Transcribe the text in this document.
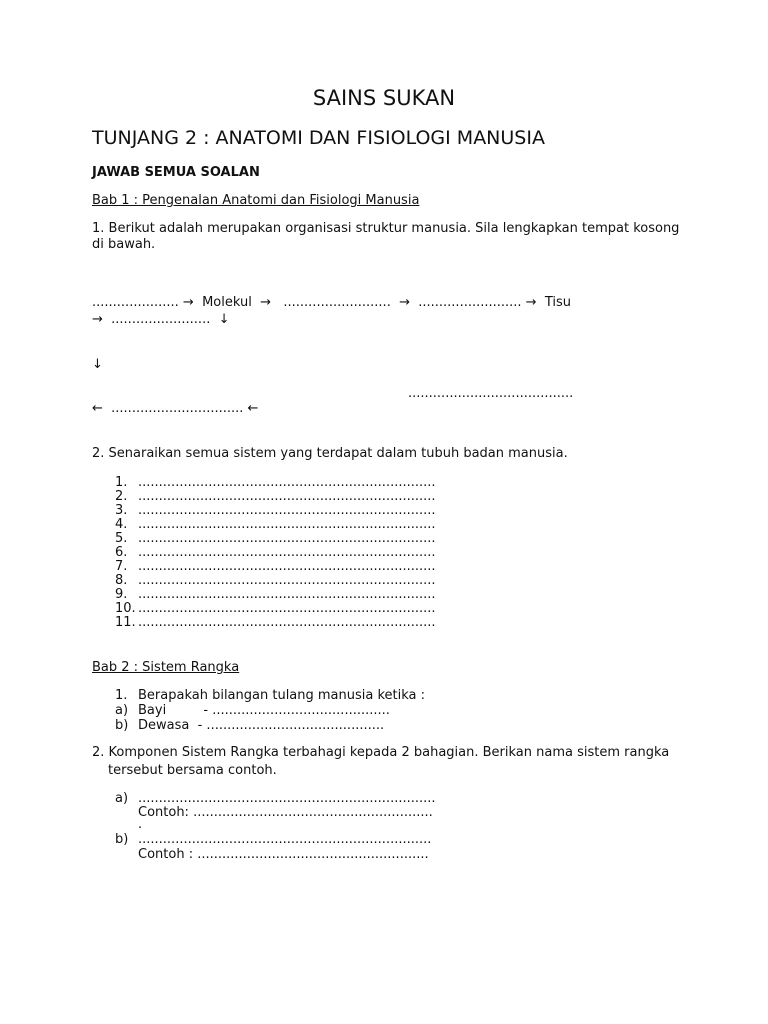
SAINS SUKAN
TUNJANG 2 : ANATOMI DAN FISIOLOGI MANUSIA
JAWAB SEMUA SOALAN
Bab 1 : Pengenalan Anatomi dan Fisiologi Manusia
1. Berikut adalah merupakan organisasi struktur manusia. Sila lengkapkan tempat kosong
di bawah.
..................... →  Molekul  →   ..........................  →  ......................... →  Tisu
→  ........................  ↓
↓
........................................
←  ................................ ←
2. Senaraikan semua sistem yang terdapat dalam tubuh badan manusia.
1. ........................................................................
2. ........................................................................
3. ........................................................................
4. ........................................................................
5. ........................................................................
6. ........................................................................
7. ........................................................................
8. ........................................................................
9. ........................................................................
10. ........................................................................
11. ........................................................................
Bab 2 : Sistem Rangka
1. Berapakah bilangan tulang manusia ketika :
a) Bayi         - ...........................................
b) Dewasa  - ...........................................
2. Komponen Sistem Rangka terbahagi kepada 2 bahagian. Berikan nama sistem rangka
tersebut bersama contoh.
a) ........................................................................
Contoh: ..........................................................
.
b) .......................................................................
Contoh : ........................................................
